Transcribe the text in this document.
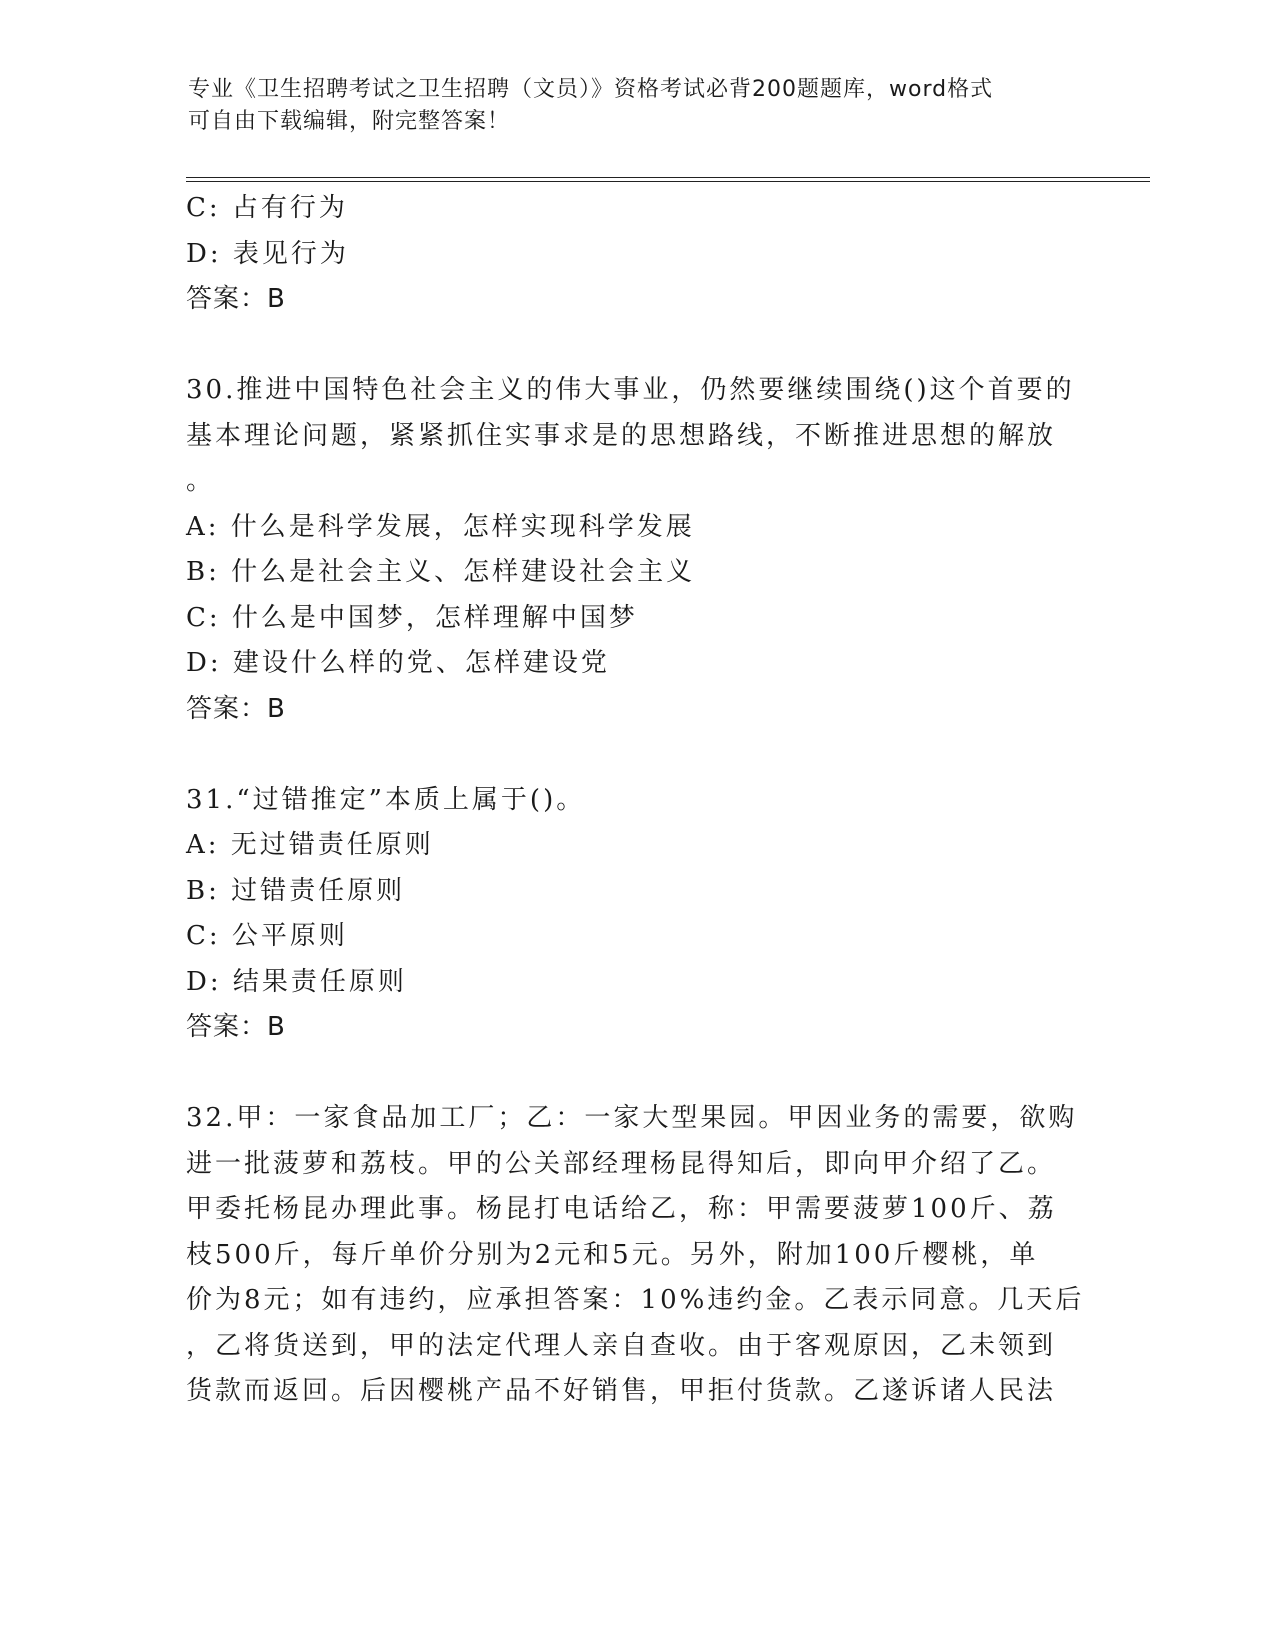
专业《卫生招聘考试之卫生招聘（文员）》资格考试必背200题题库，word格式
可自由下载编辑，附完整答案！
C: 占有行为
D: 表见行为
答案：B
30.推进中国特色社会主义的伟大事业，仍然要继续围绕()这个首要的
基本理论问题，紧紧抓住实事求是的思想路线，不断推进思想的解放
。
A: 什么是科学发展，怎样实现科学发展
B: 什么是社会主义、怎样建设社会主义
C: 什么是中国梦，怎样理解中国梦
D: 建设什么样的党、怎样建设党
答案：B
31.“过错推定”本质上属于()。
A: 无过错责任原则
B: 过错责任原则
C: 公平原则
D: 结果责任原则
答案：B
32.甲：一家食品加工厂；乙：一家大型果园。甲因业务的需要，欲购
进一批菠萝和荔枝。甲的公关部经理杨昆得知后，即向甲介绍了乙。
甲委托杨昆办理此事。杨昆打电话给乙，称：甲需要菠萝100斤、荔
枝500斤，每斤单价分别为2元和5元。另外，附加100斤樱桃，单
价为8元；如有违约，应承担答案：10%违约金。乙表示同意。几天后
，乙将货送到，甲的法定代理人亲自查收。由于客观原因，乙未领到
货款而返回。后因樱桃产品不好销售，甲拒付货款。乙遂诉诸人民法
